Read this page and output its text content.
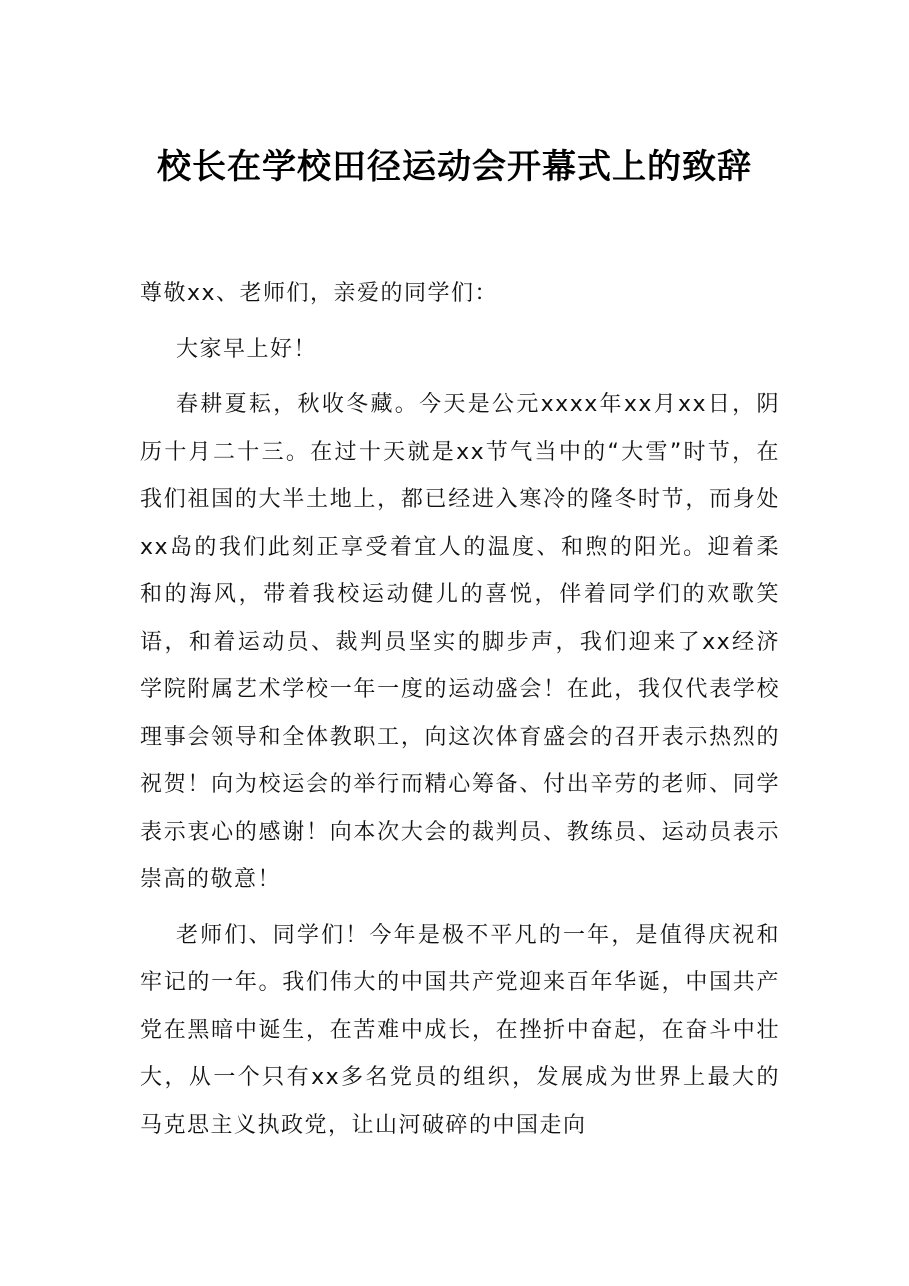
校长在学校田径运动会开幕式上的致辞

尊敬xx、老师们，亲爱的同学们：

大家早上好！

春耕夏耘，秋收冬藏。今天是公元xxxx年xx月xx日，阴历十月二十三。在过十天就是xx节气当中的“大雪”时节，在我们祖国的大半土地上，都已经进入寒冷的隆冬时节，而身处xx岛的我们此刻正享受着宜人的温度、和煦的阳光。迎着柔和的海风，带着我校运动健儿的喜悦，伴着同学们的欢歌笑语，和着运动员、裁判员坚实的脚步声，我们迎来了xx经济学院附属艺术学校一年一度的运动盛会！在此，我仅代表学校理事会领导和全体教职工，向这次体育盛会的召开表示热烈的祝贺！向为校运会的举行而精心筹备、付出辛劳的老师、同学表示衷心的感谢！向本次大会的裁判员、教练员、运动员表示崇高的敬意！

老师们、同学们！今年是极不平凡的一年，是值得庆祝和牢记的一年。我们伟大的中国共产党迎来百年华诞，中国共产党在黑暗中诞生，在苦难中成长，在挫折中奋起，在奋斗中壮大，从一个只有xx多名党员的组织，发展成为世界上最大的马克思主义执政党，让山河破碎的中国走向
